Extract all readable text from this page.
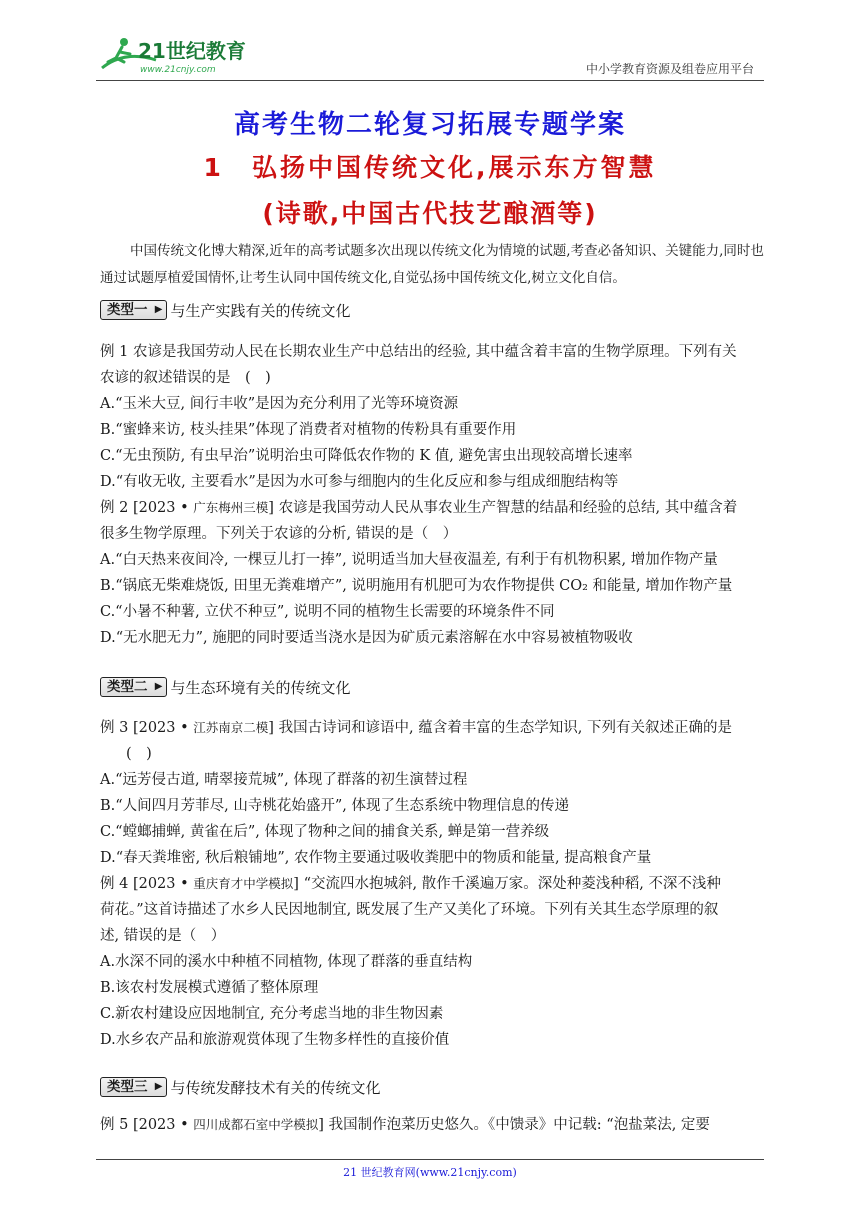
21世纪教育
www.21cnjy.com	中小学教育资源及组卷应用平台
高考生物二轮复习拓展专题学案
1　弘扬中国传统文化,展示东方智慧
(诗歌,中国古代技艺酿酒等)

中国传统文化博大精深,近年的高考试题多次出现以传统文化为情境的试题,考查必备知识、关键能力,同时也通过试题厚植爱国情怀,让考生认同中国传统文化,自觉弘扬中国传统文化,树立文化自信。

类型一 ▶	与生产实践有关的传统文化
例 1 农谚是我国劳动人民在长期农业生产中总结出的经验, 其中蕴含着丰富的生物学原理。下列有关
农谚的叙述错误的是　(　)
A.“玉米大豆, 间行丰收”是因为充分利用了光等环境资源
B.“蜜蜂来访, 枝头挂果”体现了消费者对植物的传粉具有重要作用
C.“无虫预防, 有虫早治”说明治虫可降低农作物的 K 值, 避免害虫出现较高增长速率
D.“有收无收, 主要看水”是因为水可参与细胞内的生化反应和参与组成细胞结构等
例 2 [2023 • 广东梅州三模] 农谚是我国劳动人民从事农业生产智慧的结晶和经验的总结, 其中蕴含着
很多生物学原理。下列关于农谚的分析, 错误的是（　）
A.“白天热来夜间冷, 一棵豆儿打一捧”, 说明适当加大昼夜温差, 有利于有机物积累, 增加作物产量
B.“锅底无柴难烧饭, 田里无粪难增产”, 说明施用有机肥可为农作物提供 CO₂ 和能量, 增加作物产量
C.“小暑不种薯, 立伏不种豆”, 说明不同的植物生长需要的环境条件不同
D.“无水肥无力”, 施肥的同时要适当浇水是因为矿质元素溶解在水中容易被植物吸收
类型二 ▶	与生态环境有关的传统文化
例 3 [2023 • 江苏南京二模] 我国古诗词和谚语中, 蕴含着丰富的生态学知识, 下列有关叙述正确的是
(　)
A.“远芳侵古道, 晴翠接荒城”, 体现了群落的初生演替过程
B.“人间四月芳菲尽, 山寺桃花始盛开”, 体现了生态系统中物理信息的传递
C.“螳螂捕蝉, 黄雀在后”, 体现了物种之间的捕食关系, 蝉是第一营养级
D.“春天粪堆密, 秋后粮铺地”, 农作物主要通过吸收粪肥中的物质和能量, 提高粮食产量
例 4 [2023 • 重庆育才中学模拟] “交流四水抱城斜, 散作千溪遍万家。深处种菱浅种稻, 不深不浅种
荷花。”这首诗描述了水乡人民因地制宜, 既发展了生产又美化了环境。下列有关其生态学原理的叙
述, 错误的是（　）
A.水深不同的溪水中种植不同植物, 体现了群落的垂直结构
B.该农村发展模式遵循了整体原理
C.新农村建设应因地制宜, 充分考虑当地的非生物因素
D.水乡农产品和旅游观赏体现了生物多样性的直接价值
类型三 ▶	与传统发酵技术有关的传统文化
例 5 [2023 • 四川成都石室中学模拟] 我国制作泡菜历史悠久。《中馈录》中记载: “泡盐菜法, 定要
21 世纪教育网(www.21cnjy.com)
